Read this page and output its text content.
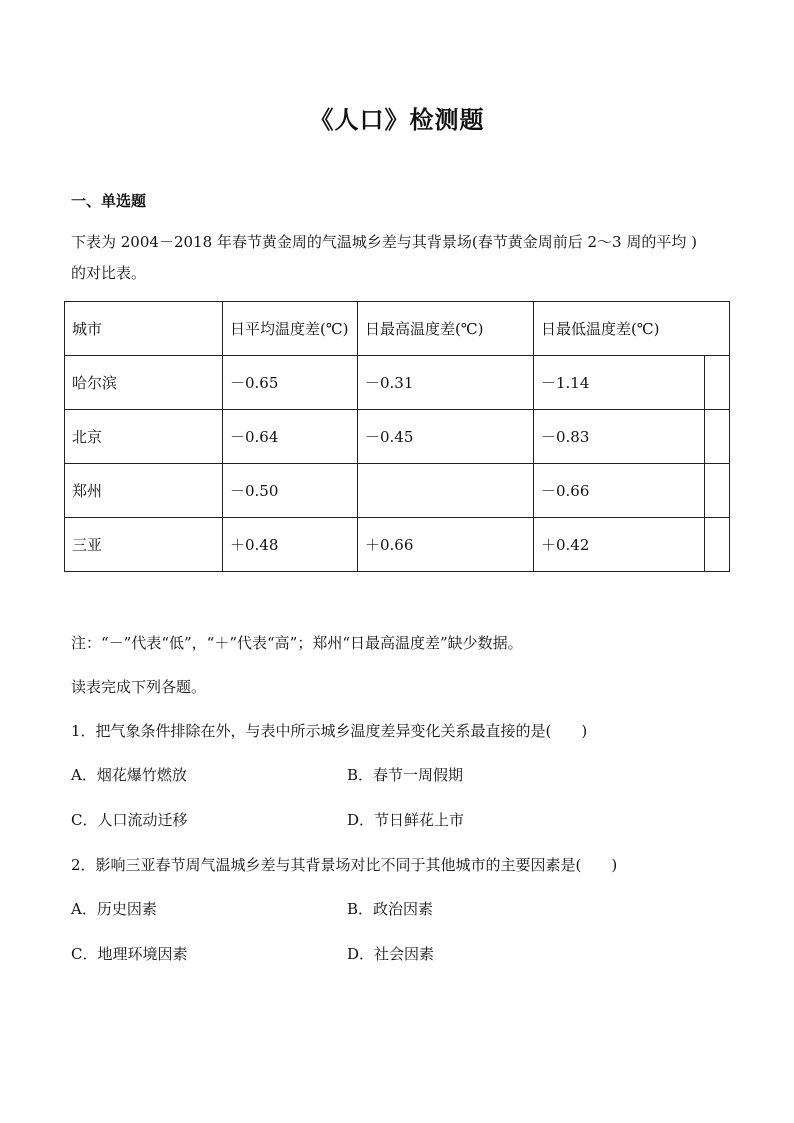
《人口》检测题
一、单选题
下表为 2004－2018 年春节黄金周的气温城乡差与其背景场(春节黄金周前后 2～3 周的平均 )
的对比表。
城市	日平均温度差(℃)	日最高温度差(℃)	日最低温度差(℃)	
哈尔滨	－0.65	－0.31	－1.14	
北京	－0.64	－0.45	－0.83	
郑州	－0.50		－0.66	
三亚	＋0.48	＋0.66	＋0.42	
注：“－”代表“低”，“＋”代表“高”；郑州“日最高温度差”缺少数据。
读表完成下列各题。
1．把气象条件排除在外，与表中所示城乡温度差异变化关系最直接的是(　　)
A．烟花爆竹燃放	B．春节一周假期
C．人口流动迁移	D．节日鲜花上市
2．影响三亚春节周气温城乡差与其背景场对比不同于其他城市的主要因素是(　　)
A．历史因素	B．政治因素
C．地理环境因素	D．社会因素
